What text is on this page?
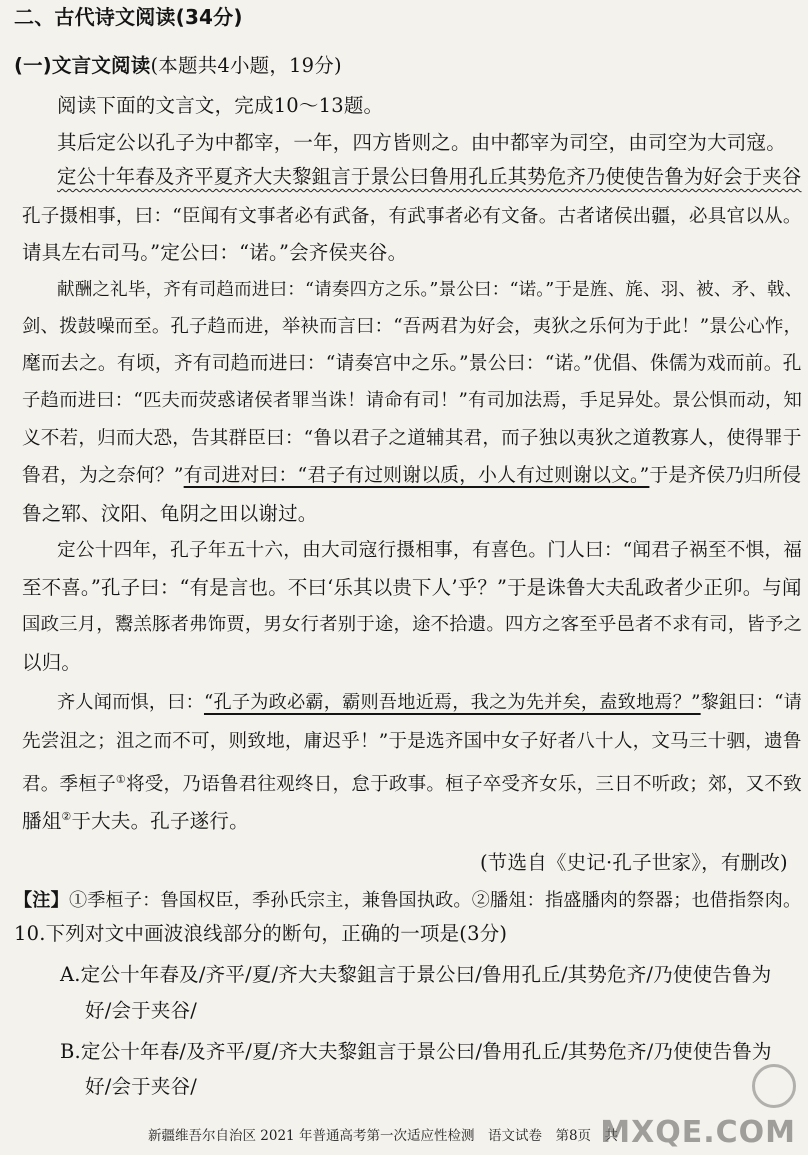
二、古代诗文阅读(34分)
(一)文言文阅读(本题共4小题，19分)
阅读下面的文言文，完成10～13题。
其后定公以孔子为中都宰，一年，四方皆则之。由中都宰为司空，由司空为大司寇。
定公十年春及齐平夏齐大夫黎鉏言于景公曰鲁用孔丘其势危齐乃使使告鲁为好会于夹谷
孔子摄相事，曰：“臣闻有文事者必有武备，有武事者必有文备。古者诸侯出疆，必具官以从。
请具左右司马。”定公曰：“诺。”会齐侯夹谷。
献酬之礼毕，齐有司趋而进曰：“请奏四方之乐。”景公曰：“诺。”于是旌、旄、羽、被、矛、戟、
剑、拨鼓噪而至。孔子趋而进，举袂而言曰：“吾两君为好会，夷狄之乐何为于此！”景公心怍，
麾而去之。有顷，齐有司趋而进曰：“请奏宫中之乐。”景公曰：“诺。”优倡、侏儒为戏而前。孔
子趋而进曰：“匹夫而荧惑诸侯者罪当诛！请命有司！”有司加法焉，手足异处。景公惧而动，知
义不若，归而大恐，告其群臣曰：“鲁以君子之道辅其君，而子独以夷狄之道教寡人，使得罪于
鲁君，为之奈何？”有司进对曰：“君子有过则谢以质，小人有过则谢以文。”于是齐侯乃归所侵
鲁之郓、汶阳、龟阴之田以谢过。
定公十四年，孔子年五十六，由大司寇行摄相事，有喜色。门人曰：“闻君子祸至不惧，福
至不喜。”孔子曰：“有是言也。不曰‘乐其以贵下人’乎？”于是诛鲁大夫乱政者少正卯。与闻
国政三月，鬻羔豚者弗饰贾，男女行者别于途，途不拾遗。四方之客至乎邑者不求有司，皆予之
以归。
齐人闻而惧，曰：“孔子为政必霸，霸则吾地近焉，我之为先并矣，盍致地焉？”黎鉏曰：“请
先尝沮之；沮之而不可，则致地，庸迟乎！”于是选齐国中女子好者八十人，文马三十驷，遗鲁
君。季桓子①将受，乃语鲁君往观终日，怠于政事。桓子卒受齐女乐，三日不听政；郊，又不致
膰俎②于大夫。孔子遂行。
(节选自《史记·孔子世家》，有删改)
【注】①季桓子：鲁国权臣，季孙氏宗主，兼鲁国执政。②膰俎：指盛膰肉的祭器；也借指祭肉。
10.下列对文中画波浪线部分的断句，正确的一项是(3分)
A.定公十年春及/齐平/夏/齐大夫黎鉏言于景公曰/鲁用孔丘/其势危齐/乃使使告鲁为
好/会于夹谷/
B.定公十年春/及齐平/夏/齐大夫黎鉏言于景公曰/鲁用孔丘/其势危齐/乃使使告鲁为
好/会于夹谷/
新疆维吾尔自治区 2021 年普通高考第一次适应性检测　语文试卷　第8页　共
MXQE.COM
